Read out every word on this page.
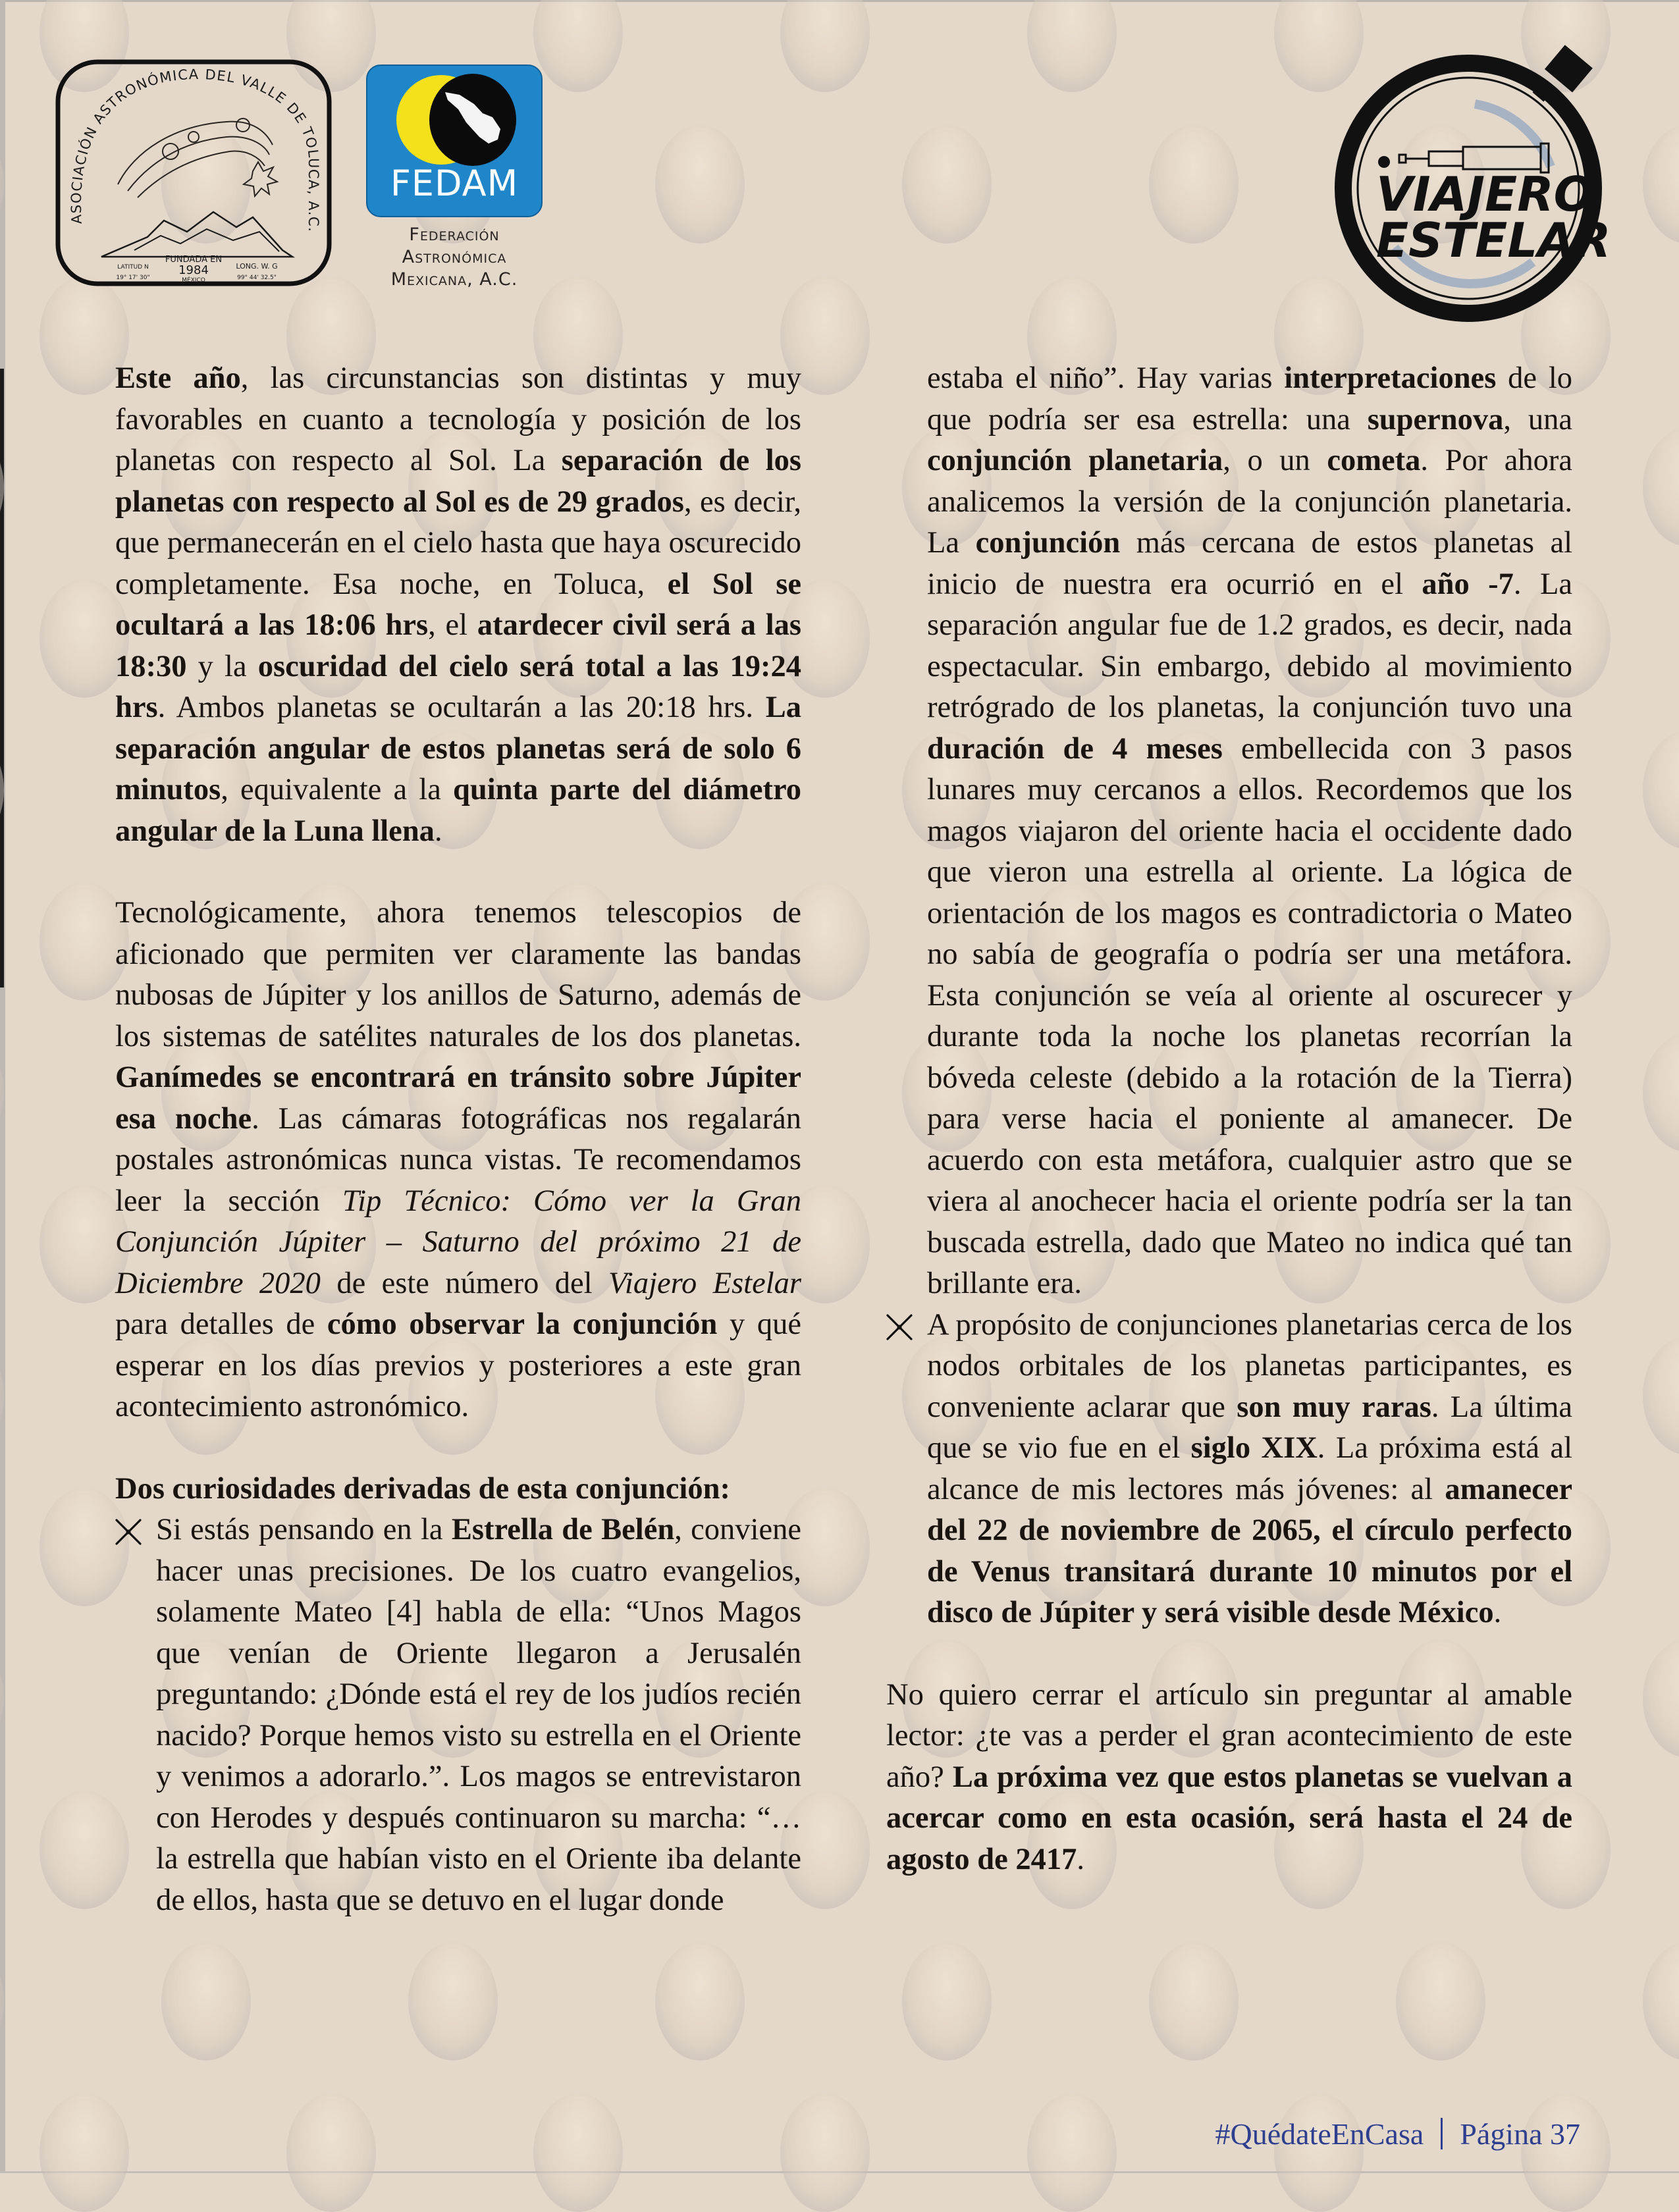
ASOCIACIÓN ASTRONÓMICA DEL VALLE DE TOLUCA, A.C.
FUNDADA EN
1984
MÉXICO
LATITUD N
19° 17' 30"
LONG. W. G
99° 44' 32.5"
FEDAM
Federación
Astronómica
Mexicana, A.C.
VIAJERO
ESTELAR

Este año, las circunstancias son distintas y muy favorables en cuanto a tecnología y posición de los planetas con respecto al Sol. La separación de los planetas con respecto al Sol es de 29 grados, es decir, que permanecerán en el cielo hasta que haya oscurecido completamente. Esa noche, en Toluca, el Sol se ocultará a las 18:06 hrs, el atardecer civil será a las 18:30 y la oscuridad del cielo será total a las 19:24 hrs. Ambos planetas se ocultarán a las 20:18 hrs. La separación angular de estos planetas será de solo 6 minutos, equivalente a la quinta parte del diámetro angular de la Luna llena.

Tecnológicamente, ahora tenemos telescopios de aficionado que permiten ver claramente las bandas nubosas de Júpiter y los anillos de Saturno, además de los sistemas de satélites naturales de los dos planetas. Ganímedes se encontrará en tránsito sobre Júpiter esa noche. Las cámaras fotográficas nos regalarán postales astronómicas nunca vistas. Te recomendamos leer la sección Tip Técnico: Cómo ver la Gran Conjunción Júpiter – Saturno del próximo 21 de Diciembre 2020 de este número del Viajero Estelar para detalles de cómo observar la conjunción y qué esperar en los días previos y posteriores a este gran acontecimiento astronómico.

Dos curiosidades derivadas de esta conjunción:

Si estás pensando en la Estrella de Belén, conviene hacer unas precisiones. De los cuatro evangelios, solamente Mateo [4] habla de ella: “Unos Magos que venían de Oriente llegaron a Jerusalén preguntando: ¿Dónde está el rey de los judíos recién nacido? Porque hemos visto su estrella en el Oriente y venimos a adorarlo.”. Los magos se entrevistaron con Herodes y después continuaron su marcha: “… la estrella que habían visto en el Oriente iba delante de ellos, hasta que se detuvo en el lugar donde

estaba el niño”. Hay varias interpretaciones de lo que podría ser esa estrella: una supernova, una conjunción planetaria, o un cometa. Por ahora analicemos la versión de la conjunción planetaria. La conjunción más cercana de estos planetas al inicio de nuestra era ocurrió en el año -7. La separación angular fue de 1.2 grados, es decir, nada espectacular. Sin embargo, debido al movimiento retrógrado de los planetas, la conjunción tuvo una duración de 4 meses embellecida con 3 pasos lunares muy cercanos a ellos. Recordemos que los magos viajaron del oriente hacia el occidente dado que vieron una estrella al oriente. La lógica de orientación de los magos es contradictoria o Mateo no sabía de geografía o podría ser una metáfora. Esta conjunción se veía al oriente al oscurecer y durante toda la noche los planetas recorrían la bóveda celeste (debido a la rotación de la Tierra) para verse hacia el poniente al amanecer. De acuerdo con esta metáfora, cualquier astro que se viera al anochecer hacia el oriente podría ser la tan buscada estrella, dado que Mateo no indica qué tan brillante era.

A propósito de conjunciones planetarias cerca de los nodos orbitales de los planetas participantes, es conveniente aclarar que son muy raras. La última que se vio fue en el siglo XIX. La próxima está al alcance de mis lectores más jóvenes: al amanecer del 22 de noviembre de 2065, el círculo perfecto de Venus transitará durante 10 minutos por el disco de Júpiter y será visible desde México.

No quiero cerrar el artículo sin preguntar al amable lector: ¿te vas a perder el gran acontecimiento de este año? La próxima vez que estos planetas se vuelvan a acercar como en esta ocasión, será hasta el 24 de agosto de 2417.

#QuédateEnCasa Página 37
